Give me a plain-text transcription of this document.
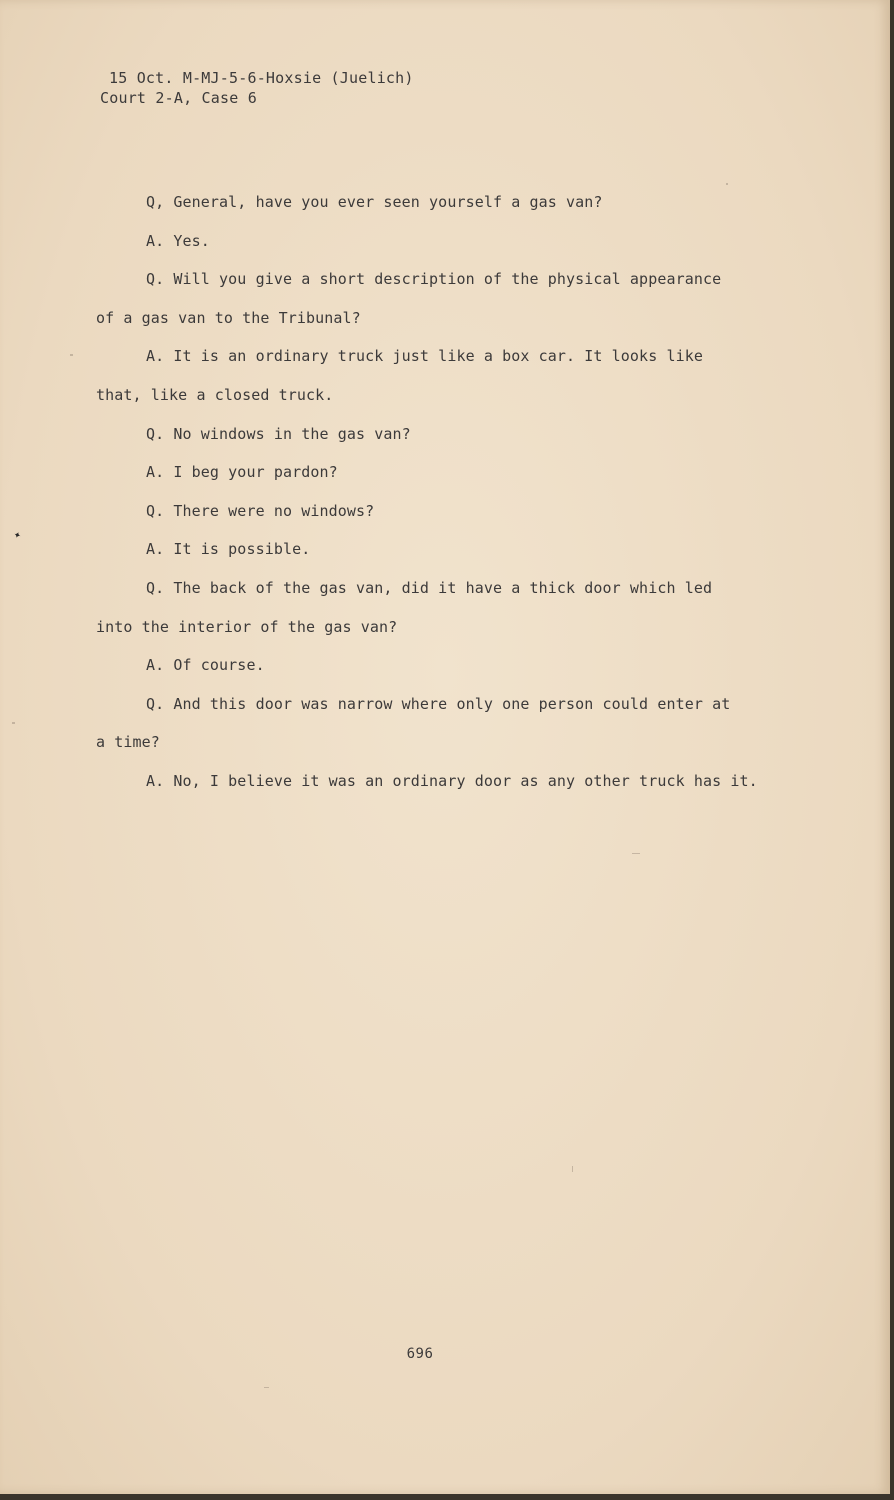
15 Oct. M-MJ-5-6-Hoxsie (Juelich)
Court 2-A, Case 6
Q, General, have you ever seen yourself a gas van?
A. Yes.
Q. Will you give a short description of the physical appearance
of a gas van to the Tribunal?
A. It is an ordinary truck just like a box car. It looks like
that, like a closed truck.
Q. No windows in the gas van?
A. I beg your pardon?
Q. There were no windows?
A. It is possible.
Q. The back of the gas van, did it have a thick door which led
into the interior of the gas van?
A. Of course.
Q. And this door was narrow where only one person could enter at
a time?
A. No, I believe it was an ordinary door as any other truck has it.
696
✦
